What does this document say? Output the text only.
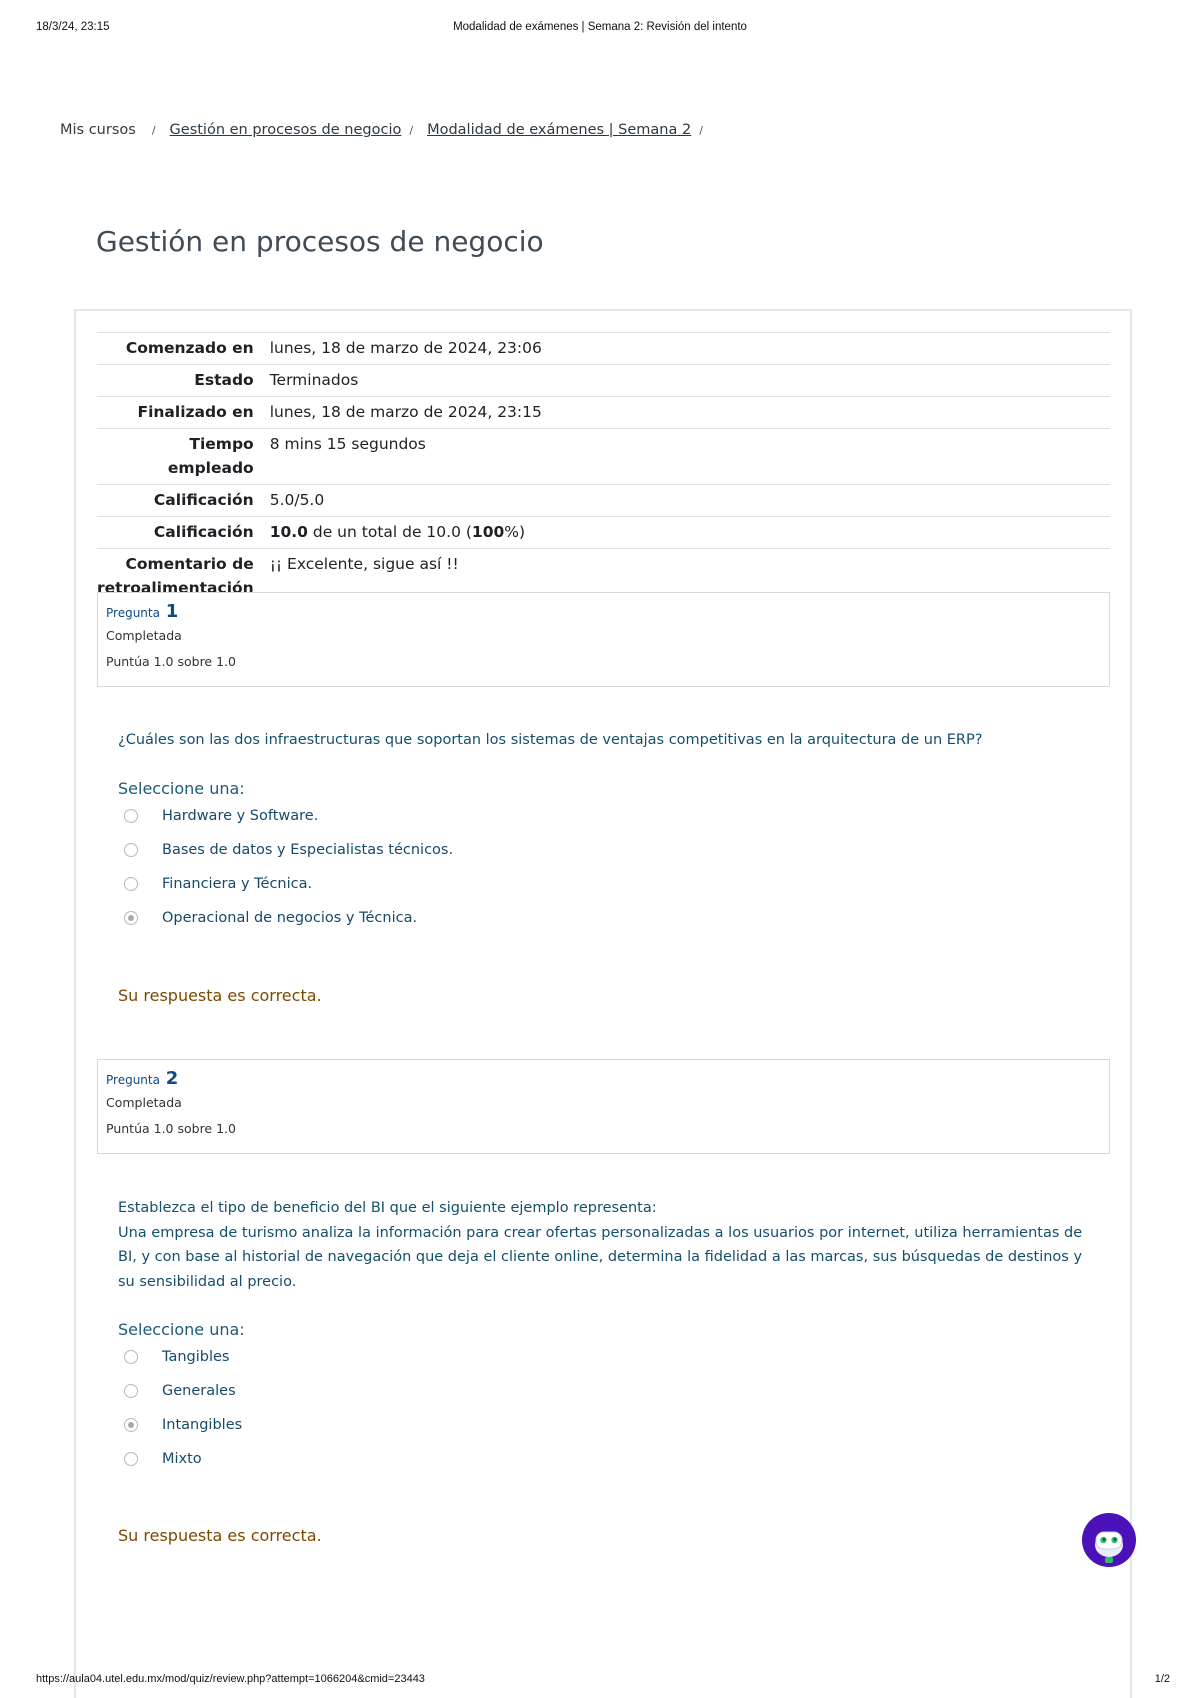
18/3/24, 23:15	Modalidad de exámenes | Semana 2: Revisión del intento
Mis cursos / Gestión en procesos de negocio / Modalidad de exámenes | Semana 2 /
Gestión en procesos de negocio
Comenzado en	lunes, 18 de marzo de 2024, 23:06
Estado	Terminados
Finalizado en	lunes, 18 de marzo de 2024, 23:15
Tiempo
empleado	8 mins 15 segundos
Calificación	5.0/5.0
Calificación	10.0 de un total de 10.0 (100%)
Comentario de
retroalimentación	¡¡ Excelente, sigue así !!
Pregunta 1
Completada
Puntúa 1.0 sobre 1.0
¿Cuáles son las dos infraestructuras que soportan los sistemas de ventajas competitivas en la arquitectura de un ERP?
Seleccione una:
Hardware y Software.
Bases de datos y Especialistas técnicos.
Financiera y Técnica.
Operacional de negocios y Técnica.
Su respuesta es correcta.
Pregunta 2
Completada
Puntúa 1.0 sobre 1.0
Establezca el tipo de beneficio del BI que el siguiente ejemplo representa:
Una empresa de turismo analiza la información para crear ofertas personalizadas a los usuarios por internet, utiliza herramientas de BI, y con base al historial de navegación que deja el cliente online, determina la fidelidad a las marcas, sus búsquedas de destinos y su sensibilidad al precio.
Seleccione una:
Tangibles
Generales
Intangibles
Mixto
Su respuesta es correcta.
https://aula04.utel.edu.mx/mod/quiz/review.php?attempt=1066204&cmid=23443	1/2
